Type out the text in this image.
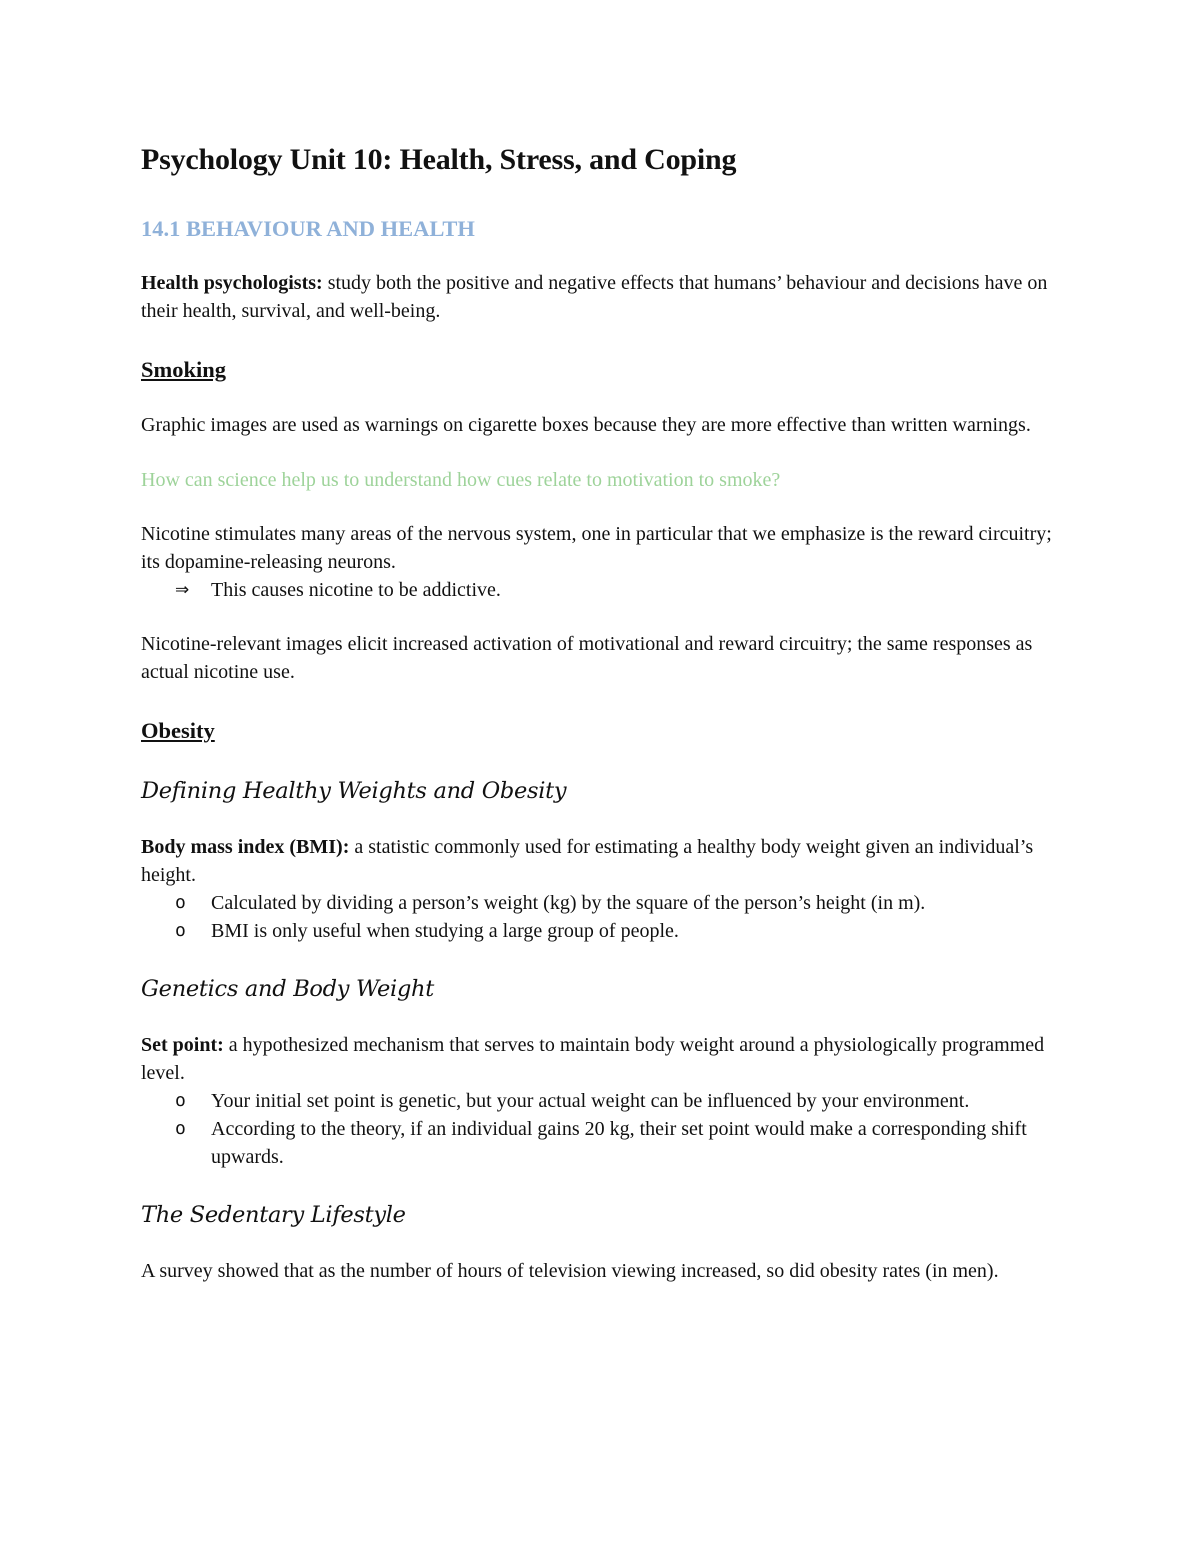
Psychology Unit 10: Health, Stress, and Coping
14.1 BEHAVIOUR AND HEALTH

Health psychologists: study both the positive and negative effects that humans’ behaviour and decisions have on their health, survival, and well-being.

Smoking

Graphic images are used as warnings on cigarette boxes because they are more effective than written warnings.

How can science help us to understand how cues relate to motivation to smoke?

Nicotine stimulates many areas of the nervous system, one in particular that we emphasize is the reward circuitry; its dopamine-releasing neurons.

⇒ This causes nicotine to be addictive.

Nicotine-relevant images elicit increased activation of motivational and reward circuitry; the same responses as actual nicotine use.

Obesity
Defining Healthy Weights and Obesity

Body mass index (BMI): a statistic commonly used for estimating a healthy body weight given an individual’s height.

o Calculated by dividing a person’s weight (kg) by the square of the person’s height (in m).
o BMI is only useful when studying a large group of people.
Genetics and Body Weight

Set point: a hypothesized mechanism that serves to maintain body weight around a physiologically programmed level.

o Your initial set point is genetic, but your actual weight can be influenced by your environment.
o According to the theory, if an individual gains 20 kg, their set point would make a corresponding shift upwards.
The Sedentary Lifestyle

A survey showed that as the number of hours of television viewing increased, so did obesity rates (in men).
